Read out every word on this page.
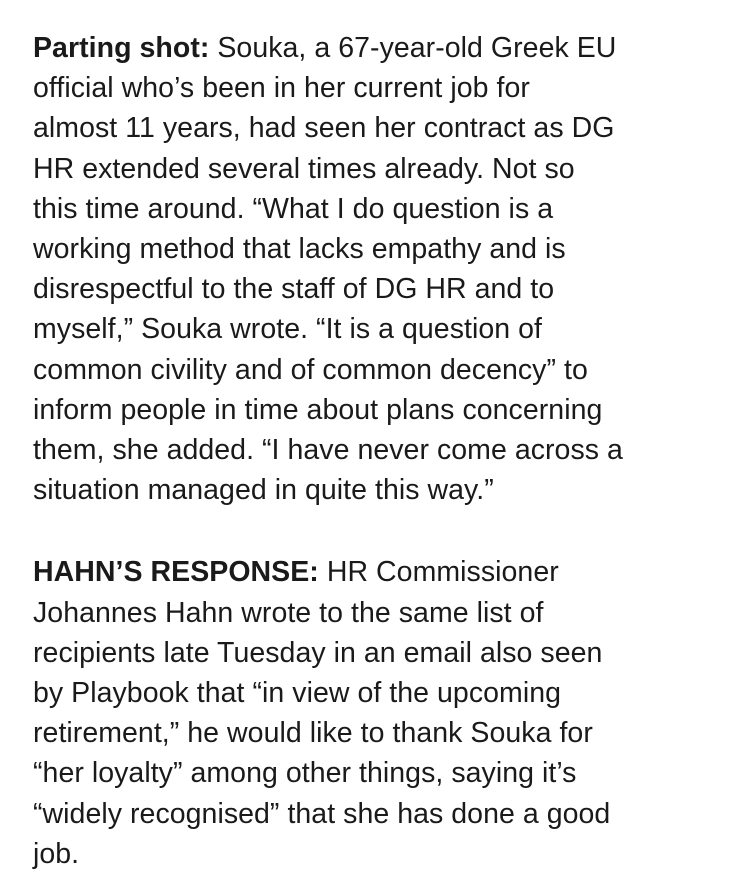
Parting shot: Souka, a 67-year-old Greek EU
official who’s been in her current job for
almost 11 years, had seen her contract as DG
HR extended several times already. Not so
this time around. “What I do question is a
working method that lacks empathy and is
disrespectful to the staff of DG HR and to
myself,” Souka wrote. “It is a question of
common civility and of common decency” to
inform people in time about plans concerning
them, she added. “I have never come across a
situation managed in quite this way.”

HAHN’S RESPONSE: HR Commissioner
Johannes Hahn wrote to the same list of
recipients late Tuesday in an email also seen
by Playbook that “in view of the upcoming
retirement,” he would like to thank Souka for
“her loyalty” among other things, saying it’s
“widely recognised” that she has done a good
job.
